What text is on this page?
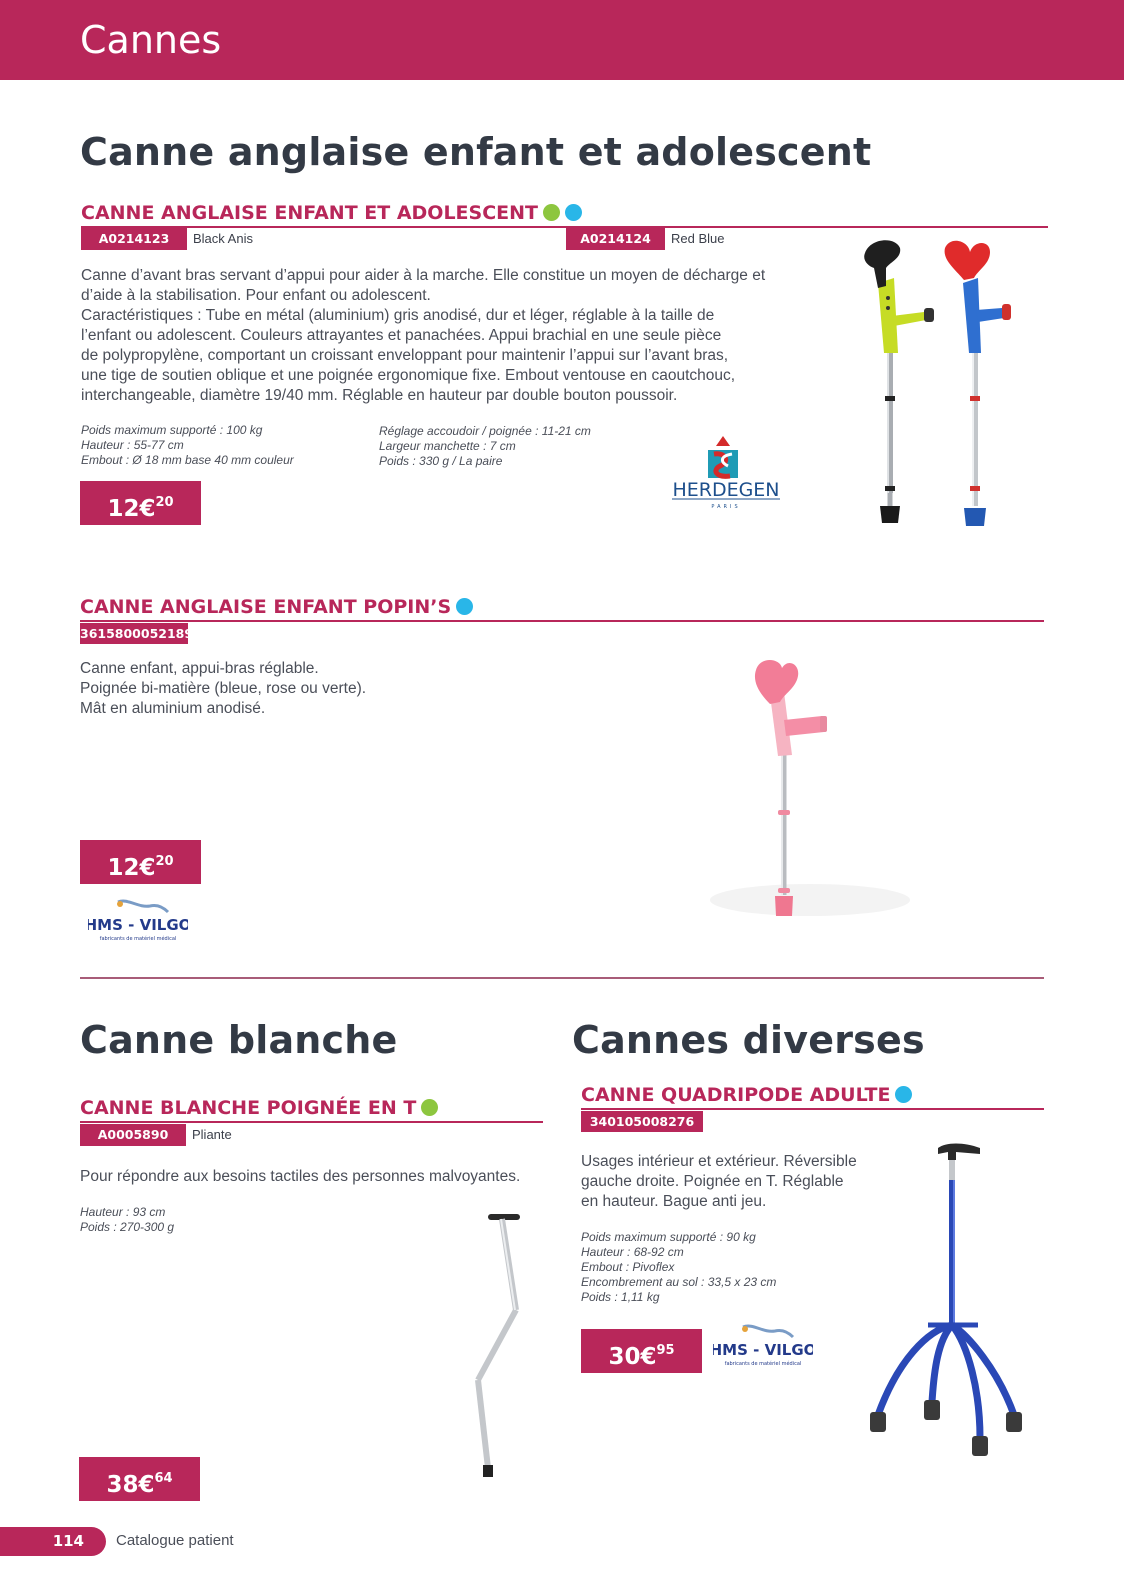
Cannes
Canne anglaise enfant et adolescent
CANNE ANGLAISE ENFANT ET ADOLESCENT
A0214123	Black Anis	A0214124	Red Blue

Canne d’avant bras servant d’appui pour aider à la marche. Elle constitue un moyen de décharge et

d’aide à la stabilisation. Pour enfant ou adolescent.

Caractéristiques : Tube en métal (aluminium) gris anodisé, dur et léger, réglable à la taille de

l’enfant ou adolescent. Couleurs attrayantes et panachées. Appui brachial en une seule pièce

de polypropylène, comportant un croissant enveloppant pour maintenir l’appui sur l’avant bras,

une tige de soutien oblique et une poignée ergonomique fixe. Embout ventouse en caoutchouc,

interchangeable, diamètre 19/40 mm. Réglable en hauteur par double bouton poussoir.

Poids maximum supporté : 100 kg
Hauteur : 55-77 cm
Embout : Ø 18 mm base 40 mm couleur
Réglage accoudoir / poignée : 11-21 cm
Largeur manchette : 7 cm
Poids : 330 g / La paire
12€$^{20}$
HERDEGEN
PARIS
CANNE ANGLAISE ENFANT POPIN’S
3615800052189

Canne enfant, appui-bras réglable.

Poignée bi-matière (bleue, rose ou verte).

Mât en aluminium anodisé.

12€$^{20}$
HMS - VILGO
fabricants de matériel médical
Canne blanche
CANNE BLANCHE POIGNÉE EN T
A0005890	Pliante
Pour répondre aux besoins tactiles des personnes malvoyantes.
Hauteur : 93 cm
Poids : 270-300 g
38€$^{64}$
Cannes diverses
CANNE QUADRIPODE ADULTE
340105008276

Usages intérieur et extérieur. Réversible

gauche droite. Poignée en T. Réglable

en hauteur. Bague anti jeu.

Poids maximum supporté : 90 kg
Hauteur : 68-92 cm
Embout : Pivoflex
Encombrement au sol : 33,5 x 23 cm
Poids : 1,11 kg
30€$^{95}$	HMS - VILGO
fabricants de matériel médical
114	Catalogue patient
